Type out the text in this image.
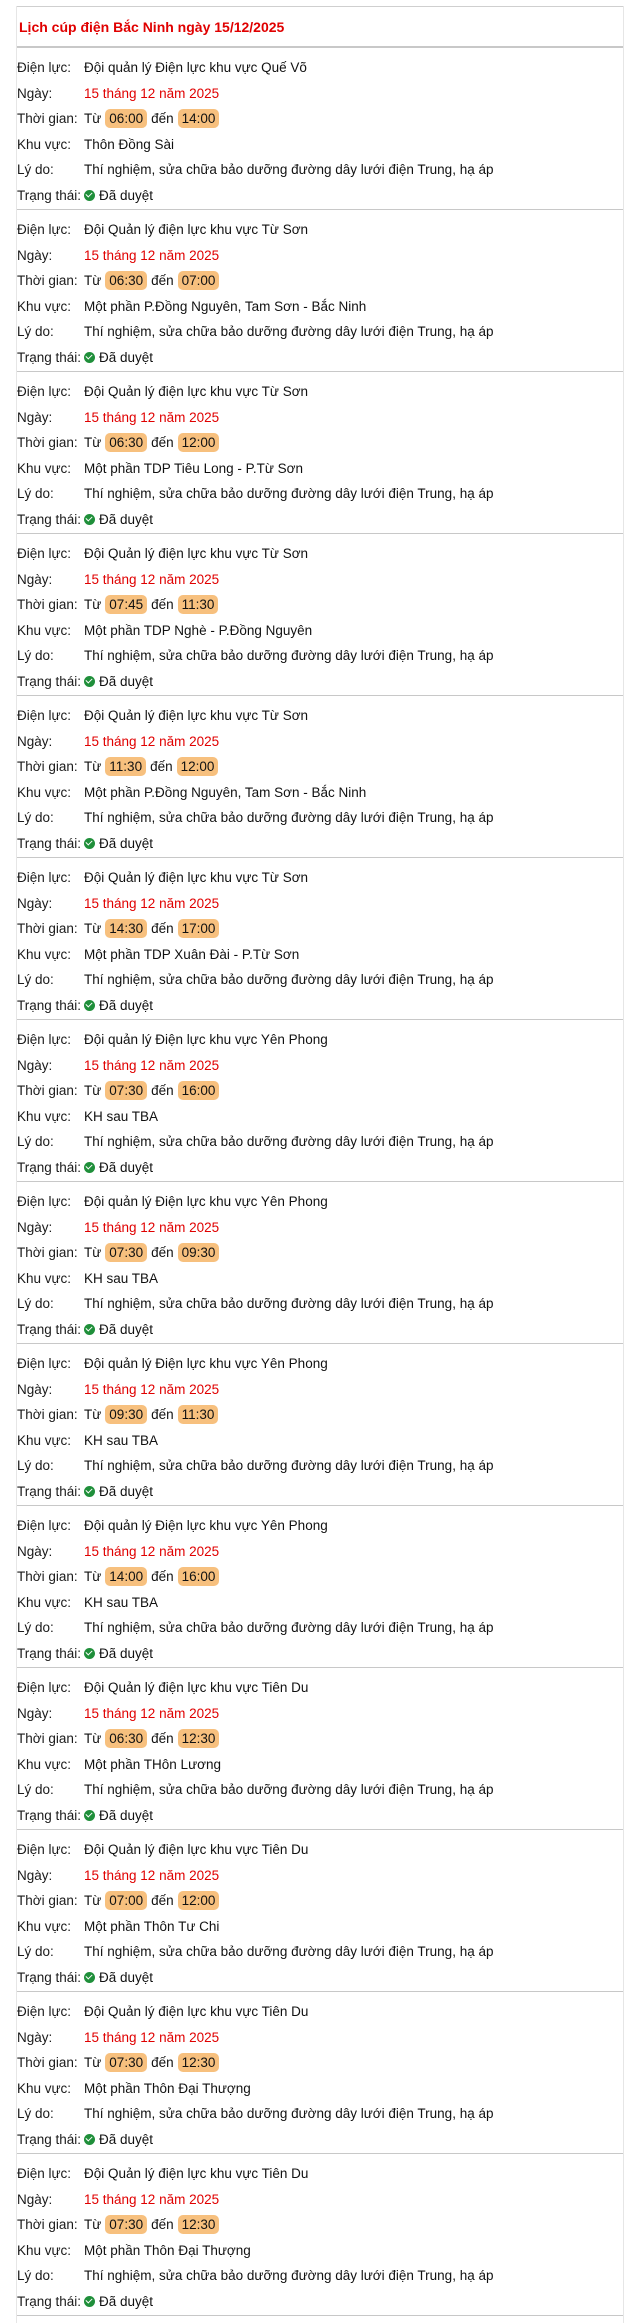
Lịch cúp điện Bắc Ninh ngày 15/12/2025
Điện lực: Đội quản lý Điện lực khu vực Quế Võ
Ngày:	15 tháng 12 năm 2025
Thời gian: Từ 06:00 đến 14:00
Khu vực: Thôn Đồng Sài
Lý do:	Thí nghiệm, sửa chữa bảo dưỡng đường dây lưới điện Trung, hạ áp
Trạng thái: Đã duyệt
Điện lực: Đội Quản lý điện lực khu vực Từ Sơn
Ngày:	15 tháng 12 năm 2025
Thời gian: Từ 06:30 đến 07:00
Khu vực: Một phần P.Đồng Nguyên, Tam Sơn - Bắc Ninh
Lý do:	Thí nghiệm, sửa chữa bảo dưỡng đường dây lưới điện Trung, hạ áp
Trạng thái: Đã duyệt
Điện lực: Đội Quản lý điện lực khu vực Từ Sơn
Ngày:	15 tháng 12 năm 2025
Thời gian: Từ 06:30 đến 12:00
Khu vực: Một phần TDP Tiêu Long - P.Từ Sơn
Lý do:	Thí nghiệm, sửa chữa bảo dưỡng đường dây lưới điện Trung, hạ áp
Trạng thái: Đã duyệt
Điện lực: Đội Quản lý điện lực khu vực Từ Sơn
Ngày:	15 tháng 12 năm 2025
Thời gian: Từ 07:45 đến 11:30
Khu vực: Một phần TDP Nghè - P.Đồng Nguyên
Lý do:	Thí nghiệm, sửa chữa bảo dưỡng đường dây lưới điện Trung, hạ áp
Trạng thái: Đã duyệt
Điện lực: Đội Quản lý điện lực khu vực Từ Sơn
Ngày:	15 tháng 12 năm 2025
Thời gian: Từ 11:30 đến 12:00
Khu vực: Một phần P.Đồng Nguyên, Tam Sơn - Bắc Ninh
Lý do:	Thí nghiệm, sửa chữa bảo dưỡng đường dây lưới điện Trung, hạ áp
Trạng thái: Đã duyệt
Điện lực: Đội Quản lý điện lực khu vực Từ Sơn
Ngày:	15 tháng 12 năm 2025
Thời gian: Từ 14:30 đến 17:00
Khu vực: Một phần TDP Xuân Đài - P.Từ Sơn
Lý do:	Thí nghiệm, sửa chữa bảo dưỡng đường dây lưới điện Trung, hạ áp
Trạng thái: Đã duyệt
Điện lực: Đội quản lý Điện lực khu vực Yên Phong
Ngày:	15 tháng 12 năm 2025
Thời gian: Từ 07:30 đến 16:00
Khu vực: KH sau TBA
Lý do:	Thí nghiệm, sửa chữa bảo dưỡng đường dây lưới điện Trung, hạ áp
Trạng thái: Đã duyệt
Điện lực: Đội quản lý Điện lực khu vực Yên Phong
Ngày:	15 tháng 12 năm 2025
Thời gian: Từ 07:30 đến 09:30
Khu vực: KH sau TBA
Lý do:	Thí nghiệm, sửa chữa bảo dưỡng đường dây lưới điện Trung, hạ áp
Trạng thái: Đã duyệt
Điện lực: Đội quản lý Điện lực khu vực Yên Phong
Ngày:	15 tháng 12 năm 2025
Thời gian: Từ 09:30 đến 11:30
Khu vực: KH sau TBA
Lý do:	Thí nghiệm, sửa chữa bảo dưỡng đường dây lưới điện Trung, hạ áp
Trạng thái: Đã duyệt
Điện lực: Đội quản lý Điện lực khu vực Yên Phong
Ngày:	15 tháng 12 năm 2025
Thời gian: Từ 14:00 đến 16:00
Khu vực: KH sau TBA
Lý do:	Thí nghiệm, sửa chữa bảo dưỡng đường dây lưới điện Trung, hạ áp
Trạng thái: Đã duyệt
Điện lực: Đội Quản lý điện lực khu vực Tiên Du
Ngày:	15 tháng 12 năm 2025
Thời gian: Từ 06:30 đến 12:30
Khu vực: Một phần THôn Lương
Lý do:	Thí nghiệm, sửa chữa bảo dưỡng đường dây lưới điện Trung, hạ áp
Trạng thái: Đã duyệt
Điện lực: Đội Quản lý điện lực khu vực Tiên Du
Ngày:	15 tháng 12 năm 2025
Thời gian: Từ 07:00 đến 12:00
Khu vực: Một phần Thôn Tư Chi
Lý do:	Thí nghiệm, sửa chữa bảo dưỡng đường dây lưới điện Trung, hạ áp
Trạng thái: Đã duyệt
Điện lực: Đội Quản lý điện lực khu vực Tiên Du
Ngày:	15 tháng 12 năm 2025
Thời gian: Từ 07:30 đến 12:30
Khu vực: Một phần Thôn Đại Thượng
Lý do:	Thí nghiệm, sửa chữa bảo dưỡng đường dây lưới điện Trung, hạ áp
Trạng thái: Đã duyệt
Điện lực: Đội Quản lý điện lực khu vực Tiên Du
Ngày:	15 tháng 12 năm 2025
Thời gian: Từ 07:30 đến 12:30
Khu vực: Một phần Thôn Đại Thượng
Lý do:	Thí nghiệm, sửa chữa bảo dưỡng đường dây lưới điện Trung, hạ áp
Trạng thái: Đã duyệt
